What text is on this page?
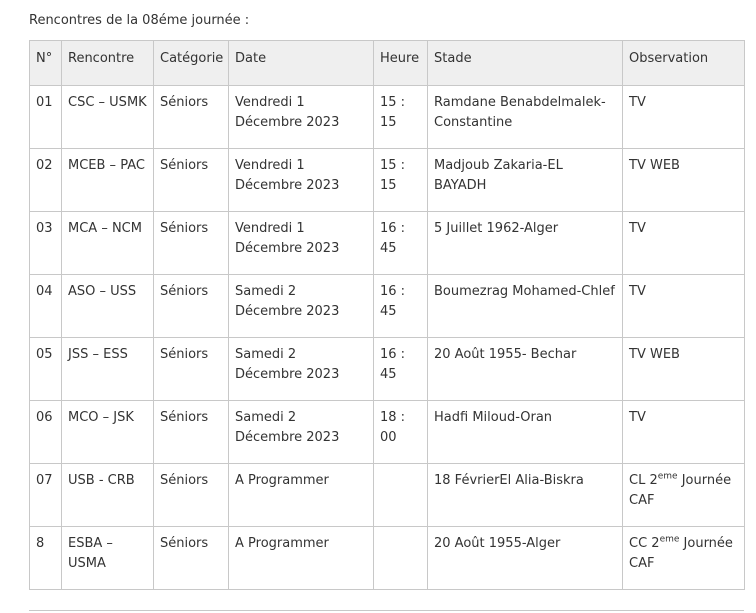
Rencontres de la 08éme journée :
N°	Rencontre	Catégorie	Date	Heure	Stade	Observation
01	CSC – USMK	Séniors	Vendredi 1 Décembre 2023	15 : 15	Ramdane Benabdelmalek-Constantine	TV
02	MCEB – PAC	Séniors	Vendredi 1 Décembre 2023	15 : 15	Madjoub Zakaria-EL BAYADH	TV WEB
03	MCA – NCM	Séniors	Vendredi 1 Décembre 2023	16 : 45	5 Juillet 1962-Alger	TV
04	ASO – USS	Séniors	Samedi 2 Décembre 2023	16 : 45	Boumezrag Mohamed-Chlef	TV
05	JSS – ESS	Séniors	Samedi 2 Décembre 2023	16 : 45	20 Août 1955- Bechar	TV WEB
06	MCO – JSK	Séniors	Samedi 2 Décembre 2023	18 : 00	Hadfi Miloud-Oran	TV
07	USB - CRB	Séniors	A Programmer		18 FévrierEl Alia-Biskra	CL 2eme Journée CAF
8	ESBA – USMA	Séniors	A Programmer		20 Août 1955-Alger	CC 2eme Journée CAF
